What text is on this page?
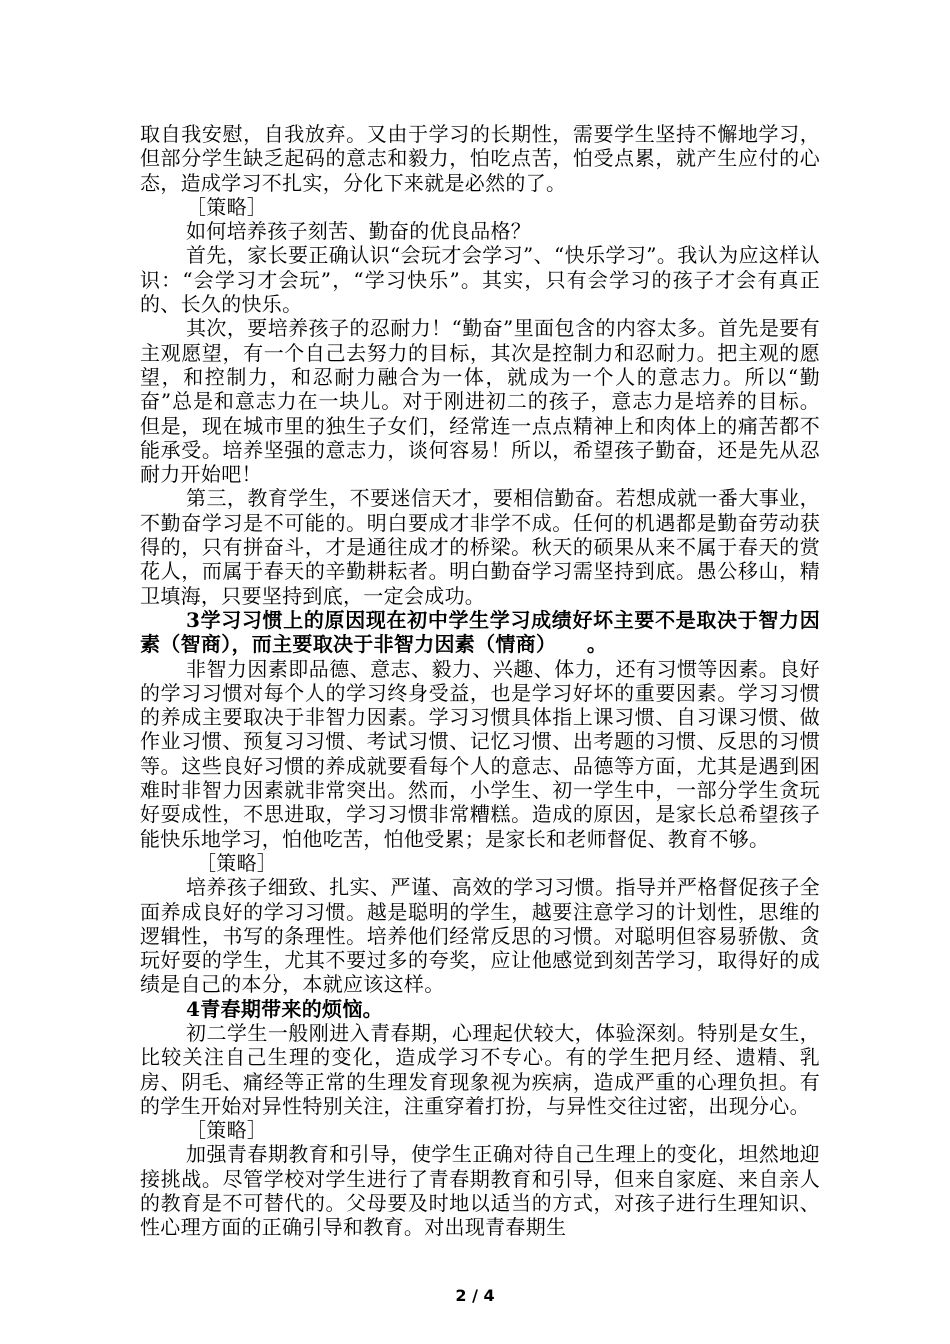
取自我安慰，自我放弃。又由于学习的长期性，需要学生坚持不懈地学习，但部分学生缺乏起码的意志和毅力，怕吃点苦，怕受点累，就产生应付的心态，造成学习不扎实，分化下来就是必然的了。

［策略］

如何培养孩子刻苦、勤奋的优良品格？

首先，家长要正确认识“会玩才会学习”、“快乐学习”。我认为应这样认识：“会学习才会玩”，“学习快乐”。其实，只有会学习的孩子才会有真正的、长久的快乐。

其次，要培养孩子的忍耐力！“勤奋”里面包含的内容太多。首先是要有主观愿望，有一个自己去努力的目标，其次是控制力和忍耐力。把主观的愿望，和控制力，和忍耐力融合为一体，就成为一个人的意志力。所以“勤奋”总是和意志力在一块儿。对于刚进初二的孩子，意志力是培养的目标。但是，现在城市里的独生子女们，经常连一点点精神上和肉体上的痛苦都不能承受。培养坚强的意志力，谈何容易！所以，希望孩子勤奋，还是先从忍耐力开始吧！

第三，教育学生，不要迷信天才，要相信勤奋。若想成就一番大事业，不勤奋学习是不可能的。明白要成才非学不成。任何的机遇都是勤奋劳动获得的，只有拼奋斗，才是通往成才的桥梁。秋天的硕果从来不属于春天的赏花人，而属于春天的辛勤耕耘者。明白勤奋学习需坚持到底。愚公移山，精卫填海，只要坚持到底，一定会成功。

3学习习惯上的原因现在初中学生学习成绩好坏主要不是取决于智力因素（智商），而主要取决于非智力因素（情商）　　。

非智力因素即品德、意志、毅力、兴趣、体力，还有习惯等因素。良好的学习习惯对每个人的学习终身受益，也是学习好坏的重要因素。学习习惯的养成主要取决于非智力因素。学习习惯具体指上课习惯、自习课习惯、做作业习惯、预复习习惯、考试习惯、记忆习惯、出考题的习惯、反思的习惯等。这些良好习惯的养成就要看每个人的意志、品德等方面，尤其是遇到困难时非智力因素就非常突出。然而，小学生、初一学生中，一部分学生贪玩好耍成性，不思进取，学习习惯非常糟糕。造成的原因，是家长总希望孩子能快乐地学习，怕他吃苦，怕他受累；是家长和老师督促、教育不够。

［策略］

培养孩子细致、扎实、严谨、高效的学习习惯。指导并严格督促孩子全面养成良好的学习习惯。越是聪明的学生，越要注意学习的计划性，思维的逻辑性，书写的条理性。培养他们经常反思的习惯。对聪明但容易骄傲、贪玩好耍的学生，尤其不要过多的夸奖，应让他感觉到刻苦学习，取得好的成绩是自己的本分，本就应该这样。

4青春期带来的烦恼。

初二学生一般刚进入青春期，心理起伏较大，体验深刻。特别是女生，比较关注自己生理的变化，造成学习不专心。有的学生把月经、遗精、乳房、阴毛、痛经等正常的生理发育现象视为疾病，造成严重的心理负担。有的学生开始对异性特别关注，注重穿着打扮，与异性交往过密，出现分心。

［策略］

加强青春期教育和引导，使学生正确对待自己生理上的变化，坦然地迎接挑战。尽管学校对学生进行了青春期教育和引导，但来自家庭、来自亲人的教育是不可替代的。父母要及时地以适当的方式，对孩子进行生理知识、性心理方面的正确引导和教育。对出现青春期生

2 / 4
